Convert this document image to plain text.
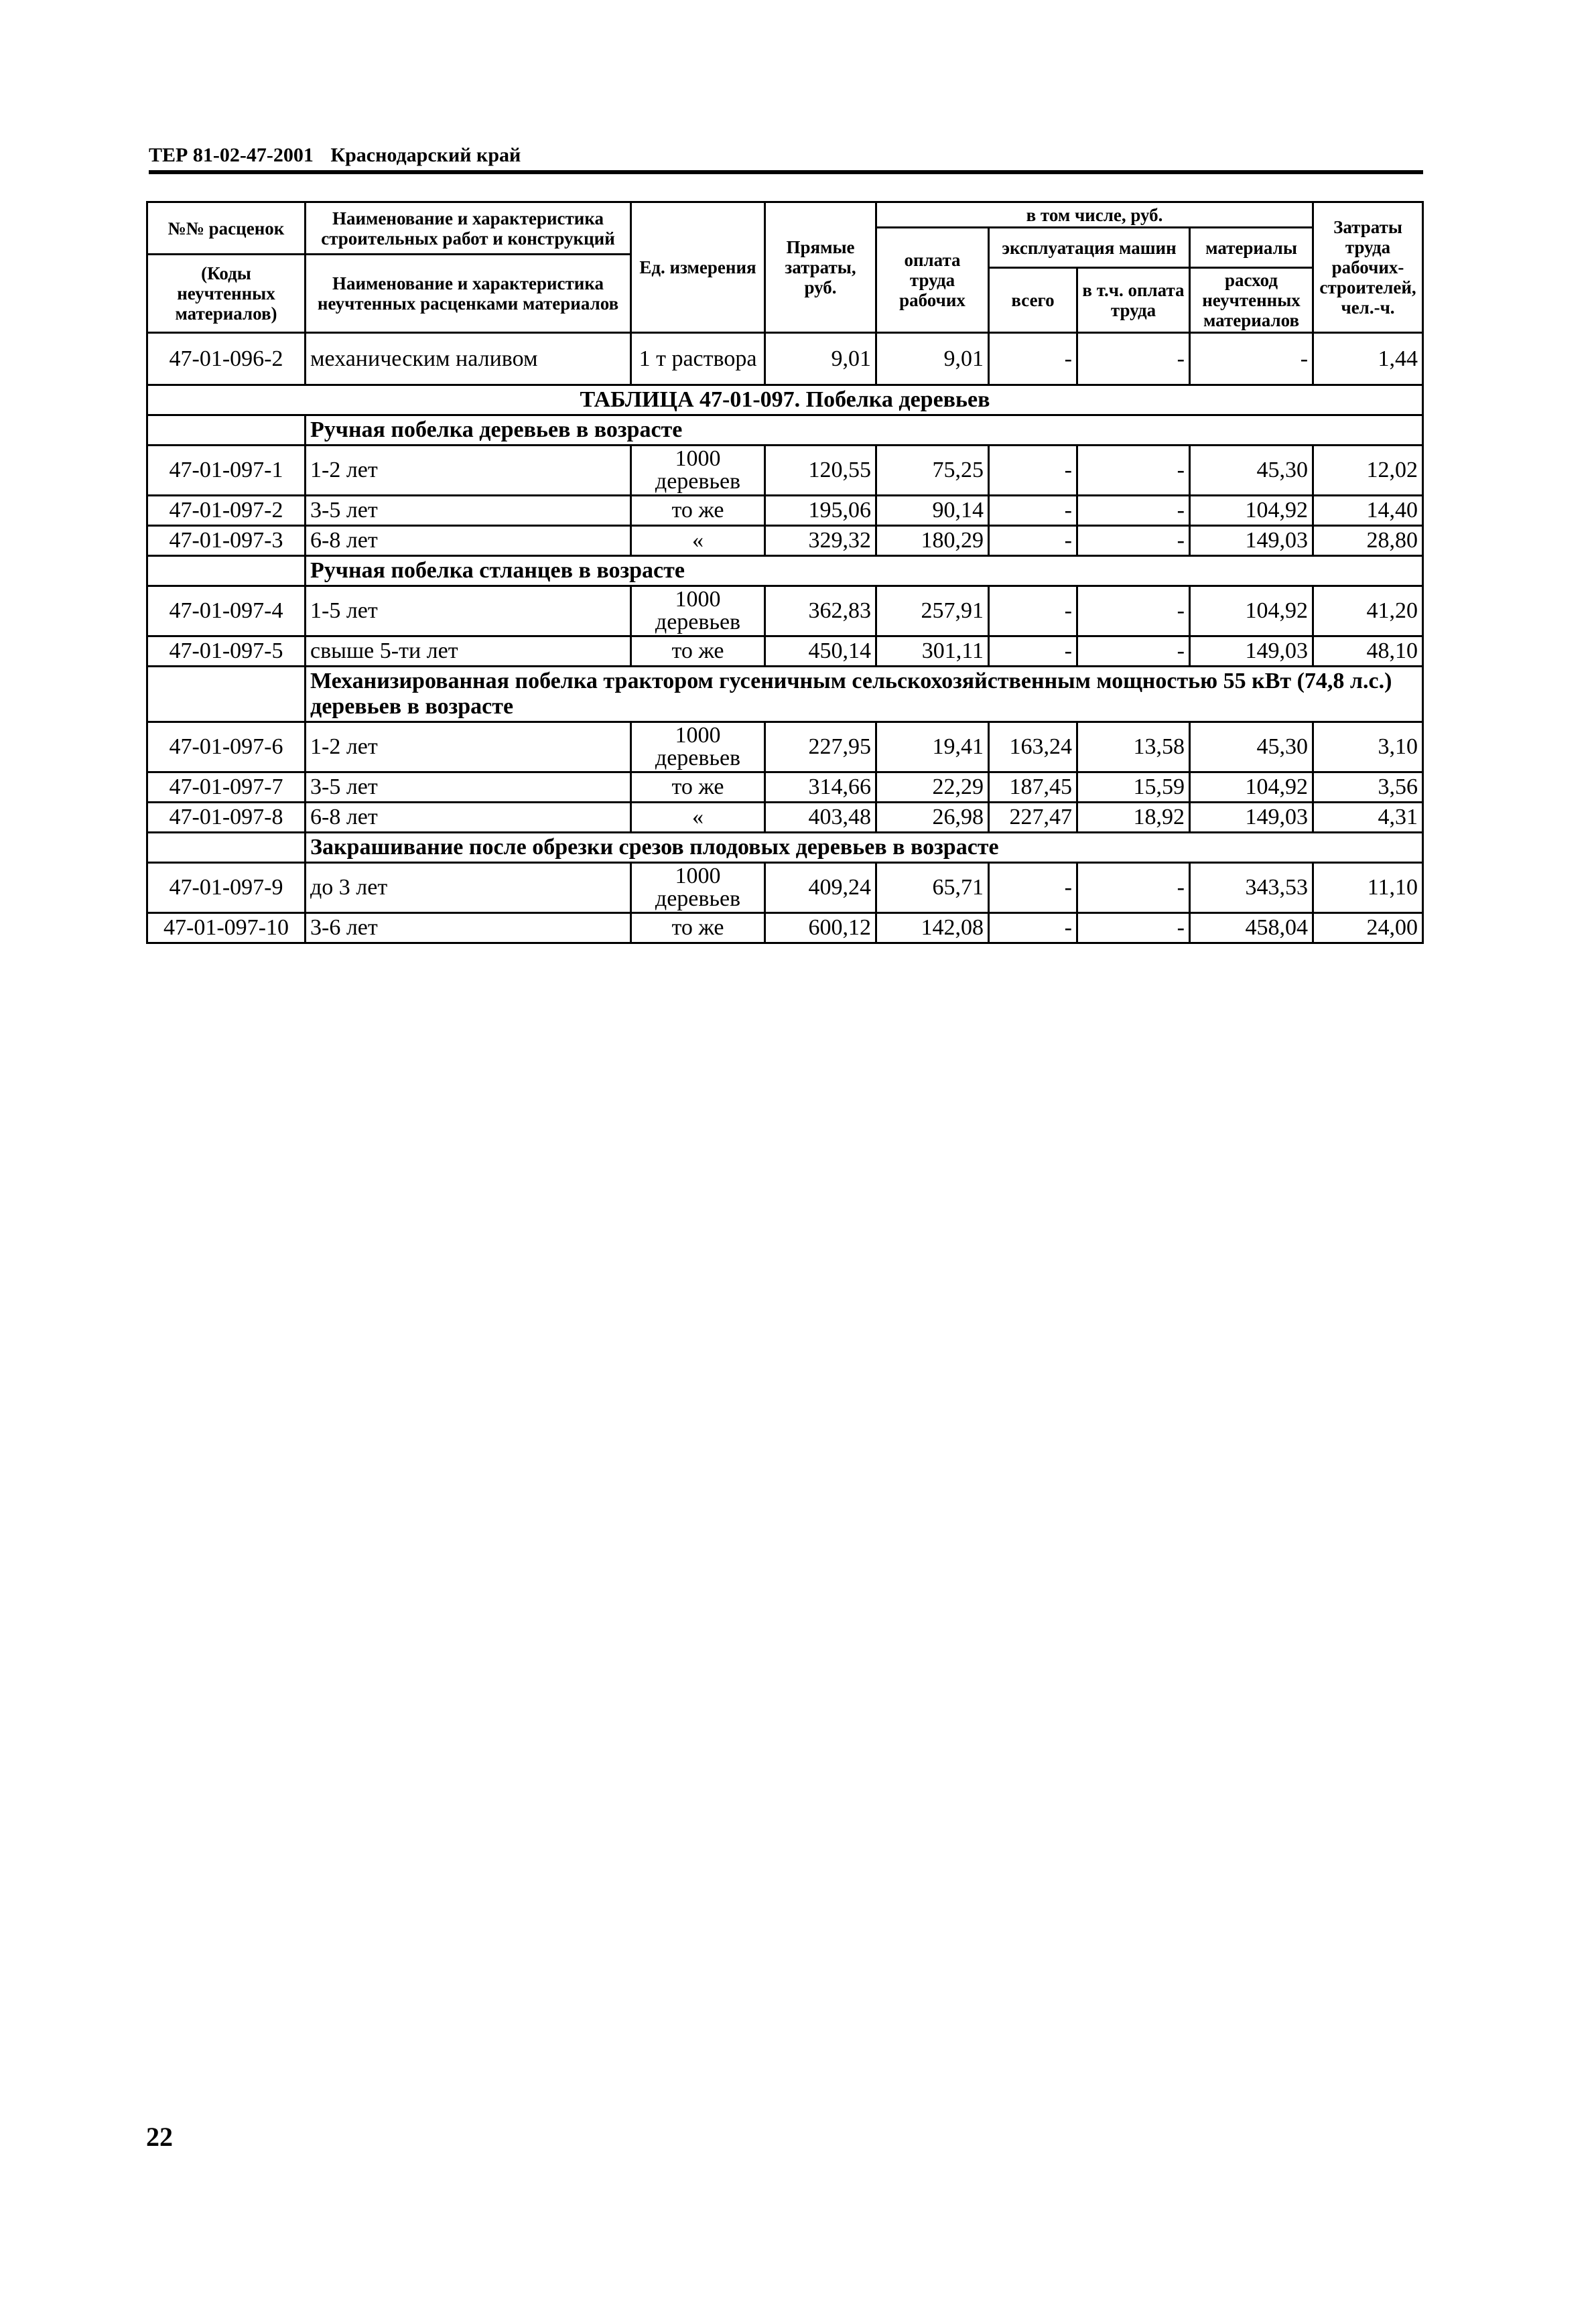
ТЕР 81-02-47-2001 Краснодарский край
№№ расценок	Наименование и характеристика строительных работ и конструкций	Ед. измерения	Прямые затраты, руб.	в том числе, руб.				Затраты труда рабочих-строителей, чел.-ч.
				оплата труда рабочих	эксплуатация машин		материалы	
(Коды неучтенных материалов)	Наименование и характеристика неучтенных расценками материалов							
					всего	в т.ч. оплата труда	расход неучтенных материалов	
47-01-096-2	механическим наливом	1 т раствора	9,01	9,01	-	-	-	1,44
ТАБЛИЦА 47-01-097. Побелка деревьев								
	Ручная побелка деревьев в возрасте							
47-01-097-1	1-2 лет	1000 деревьев	120,55	75,25	-	-	45,30	12,02
47-01-097-2	3-5 лет	то же	195,06	90,14	-	-	104,92	14,40
47-01-097-3	6-8 лет	«	329,32	180,29	-	-	149,03	28,80
	Ручная побелка стланцев в возрасте							
47-01-097-4	1-5 лет	1000 деревьев	362,83	257,91	-	-	104,92	41,20
47-01-097-5	свыше 5-ти лет	то же	450,14	301,11	-	-	149,03	48,10
	Механизированная побелка трактором гусеничным сельскохозяйственным мощностью 55 кВт (74,8 л.с.) деревьев в возрасте							
47-01-097-6	1-2 лет	1000 деревьев	227,95	19,41	163,24	13,58	45,30	3,10
47-01-097-7	3-5 лет	то же	314,66	22,29	187,45	15,59	104,92	3,56
47-01-097-8	6-8 лет	«	403,48	26,98	227,47	18,92	149,03	4,31
	Закрашивание после обрезки срезов плодовых деревьев в возрасте							
47-01-097-9	до 3 лет	1000 деревьев	409,24	65,71	-	-	343,53	11,10
47-01-097-10	3-6 лет	то же	600,12	142,08	-	-	458,04	24,00
22
